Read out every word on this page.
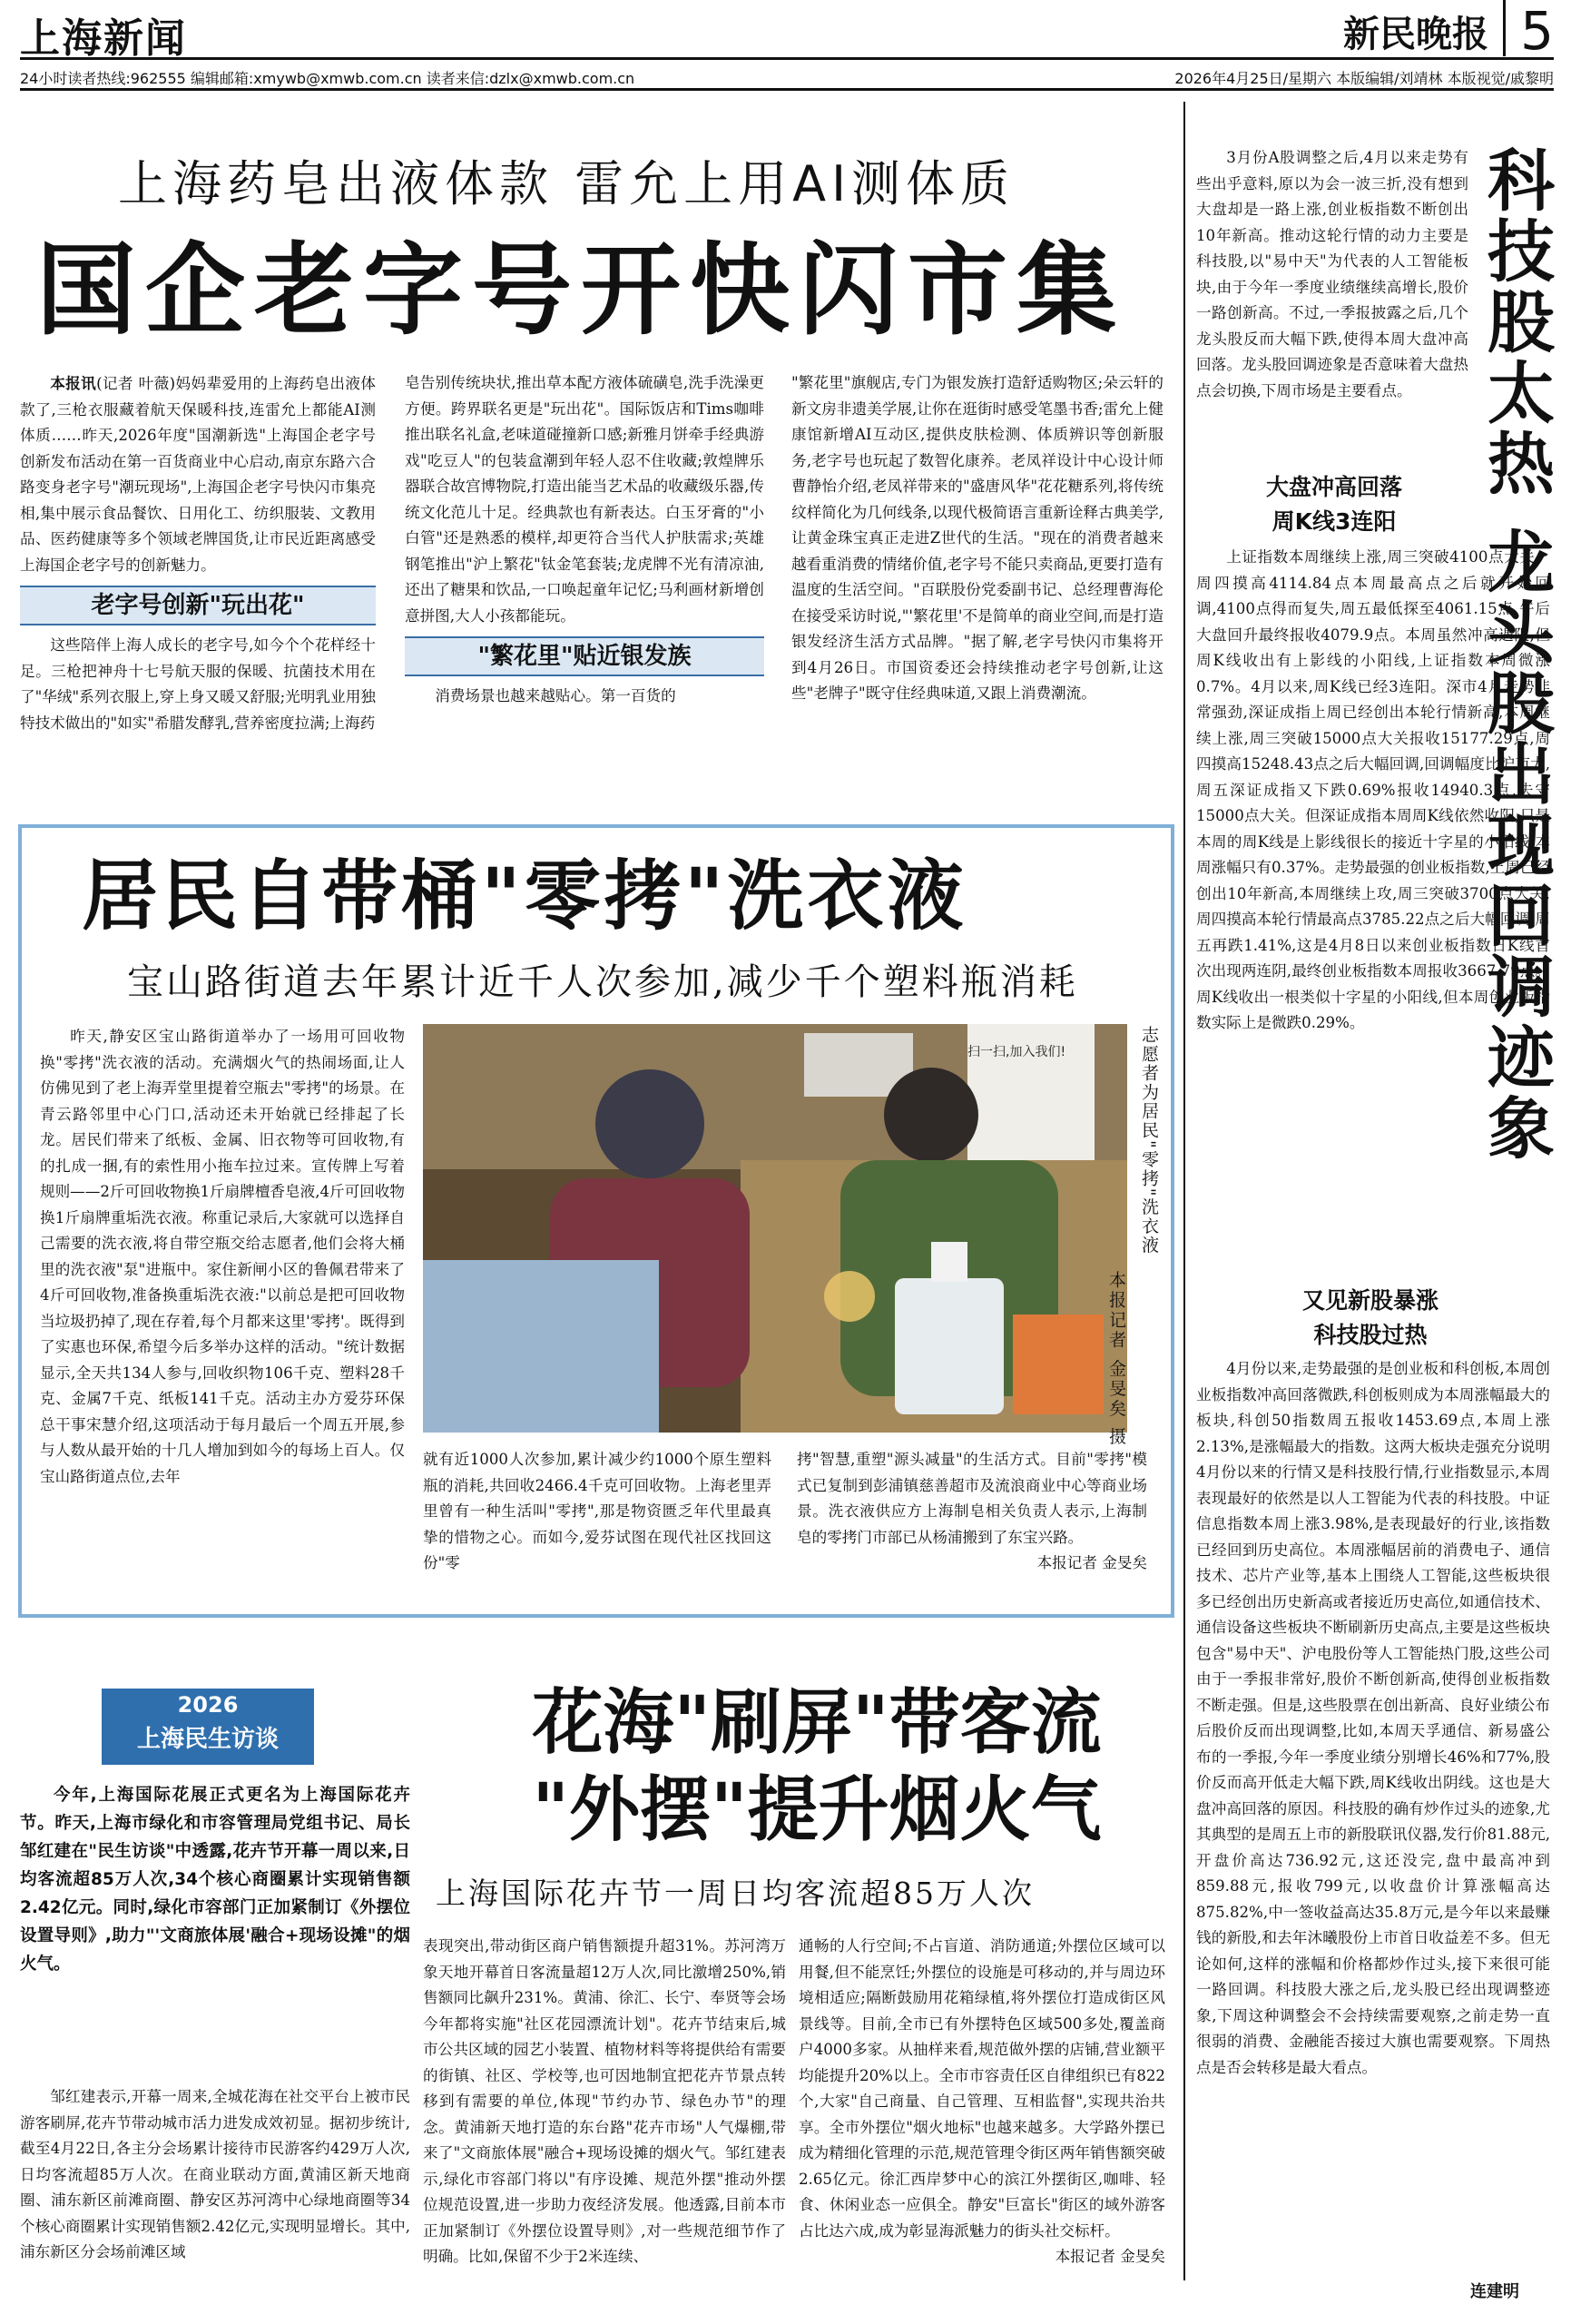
上海新闻	新民晚报 5
24小时读者热线:962555 编辑邮箱:xmywb@xmwb.com.cn 读者来信:dzlx@xmwb.com.cn	2026年4月25日/星期六 本版编辑/刘靖林 本版视觉/戚黎明
上海药皂出液体款 雷允上用AI测体质
国企老字号开快闪市集

本报讯(记者 叶薇)妈妈辈爱用的上海药皂出液体款了,三枪衣服藏着航天保暖科技,连雷允上都能AI测体质……昨天,2026年度"国潮新选"上海国企老字号创新发布活动在第一百货商业中心启动,南京东路六合路变身老字号"潮玩现场",上海国企老字号快闪市集亮相,集中展示食品餐饮、日用化工、纺织服装、文教用品、医药健康等多个领域老牌国货,让市民近距离感受上海国企老字号的创新魅力。

老字号创新"玩出花"

这些陪伴上海人成长的老字号,如今个个花样经十足。三枪把神舟十七号航天服的保暖、抗菌技术用在了"华绒"系列衣服上,穿上身又暖又舒服;光明乳业用独特技术做出的"如实"希腊发酵乳,营养密度拉满;上海药

皂告别传统块状,推出草本配方液体硫磺皂,洗手洗澡更方便。跨界联名更是"玩出花"。国际饭店和Tims咖啡推出联名礼盒,老味道碰撞新口感;新雅月饼牵手经典游戏"吃豆人"的包装盒潮到年轻人忍不住收藏;敦煌牌乐器联合故宫博物院,打造出能当艺术品的收藏级乐器,传统文化范儿十足。经典款也有新表达。白玉牙膏的"小白管"还是熟悉的模样,却更符合当代人护肤需求;英雄钢笔推出"沪上繁花"钛金笔套装;龙虎牌不光有清凉油,还出了糖果和饮品,一口唤起童年记忆;马利画材新增创意拼图,大人小孩都能玩。

"繁花里"贴近银发族

消费场景也越来越贴心。第一百货的

"繁花里"旗舰店,专门为银发族打造舒适购物区;朵云轩的新文房非遗美学展,让你在逛街时感受笔墨书香;雷允上健康馆新增AI互动区,提供皮肤检测、体质辨识等创新服务,老字号也玩起了数智化康养。老凤祥设计中心设计师曹静怡介绍,老凤祥带来的"盛唐风华"花花糖系列,将传统纹样简化为几何线条,以现代极简语言重新诠释古典美学,让黄金珠宝真正走进Z世代的生活。"现在的消费者越来越看重消费的情绪价值,老字号不能只卖商品,更要打造有温度的生活空间。"百联股份党委副书记、总经理曹海伦在接受采访时说,"'繁花里'不是简单的商业空间,而是打造银发经济生活方式品牌。"据了解,老字号快闪市集将开到4月26日。市国资委还会持续推动老字号创新,让这些"老牌子"既守住经典味道,又跟上消费潮流。

居民自带桶"零拷"洗衣液
宝山路街道去年累计近千人次参加,减少千个塑料瓶消耗

昨天,静安区宝山路街道举办了一场用可回收物换"零拷"洗衣液的活动。充满烟火气的热闹场面,让人仿佛见到了老上海弄堂里提着空瓶去"零拷"的场景。在青云路邻里中心门口,活动还未开始就已经排起了长龙。居民们带来了纸板、金属、旧衣物等可回收物,有的扎成一捆,有的索性用小拖车拉过来。宣传牌上写着规则——2斤可回收物换1斤扇牌檀香皂液,4斤可回收物换1斤扇牌重垢洗衣液。称重记录后,大家就可以选择自己需要的洗衣液,将自带空瓶交给志愿者,他们会将大桶里的洗衣液"泵"进瓶中。家住新闸小区的鲁佩君带来了4斤可回收物,准备换重垢洗衣液:"以前总是把可回收物当垃圾扔掉了,现在存着,每个月都来这里'零拷'。既得到了实惠也环保,希望今后多举办这样的活动。"统计数据显示,全天共134人参与,回收织物106千克、塑料28千克、金属7千克、纸板141千克。活动主办方爱芬环保总干事宋慧介绍,这项活动于每月最后一个周五开展,参与人数从最开始的十几人增加到如今的每场上百人。仅宝山路街道点位,去年

扫一扫,加入我们!	志愿者为居民"零拷"洗衣液
本报记者 金旻矣 摄

就有近1000人次参加,累计减少约1000个原生塑料瓶的消耗,共回收2466.4千克可回收物。上海老里弄里曾有一种生活叫"零拷",那是物资匮乏年代里最真挚的惜物之心。而如今,爱芬试图在现代社区找回这份"零

拷"智慧,重塑"源头减量"的生活方式。目前"零拷"模式已复制到彭浦镇慈善超市及流浪商业中心等商业场景。洗衣液供应方上海制皂相关负责人表示,上海制皂的零拷门市部已从杨浦搬到了东宝兴路。

本报记者 金旻矣

2026
上海民生访谈

今年,上海国际花展正式更名为上海国际花卉节。昨天,上海市绿化和市容管理局党组书记、局长邹红建在"民生访谈"中透露,花卉节开幕一周以来,日均客流超85万人次,34个核心商圈累计实现销售额2.42亿元。同时,绿化市容部门正加紧制订《外摆位设置导则》,助力"'文商旅体展'融合+现场设摊"的烟火气。

花海"刷屏"带客流
"外摆"提升烟火气
上海国际花卉节一周日均客流超85万人次

邹红建表示,开幕一周来,全城花海在社交平台上被市民游客刷屏,花卉节带动城市活力进发成效初显。据初步统计,截至4月22日,各主分会场累计接待市民游客约429万人次,日均客流超85万人次。在商业联动方面,黄浦区新天地商圈、浦东新区前滩商圈、静安区苏河湾中心绿地商圈等34个核心商圈累计实现销售额2.42亿元,实现明显增长。其中,浦东新区分会场前滩区域

表现突出,带动街区商户销售额提升超31%。苏河湾万象天地开幕首日客流量超12万人次,同比激增250%,销售额同比飙升231%。黄浦、徐汇、长宁、奉贤等会场今年都将实施"社区花园漂流计划"。花卉节结束后,城市公共区域的园艺小装置、植物材料等将提供给有需要的街镇、社区、学校等,也可因地制宜把花卉节景点转移到有需要的单位,体现"节约办节、绿色办节"的理念。黄浦新天地打造的东台路"花卉市场"人气爆棚,带来了"文商旅体展"融合+现场设摊的烟火气。邹红建表示,绿化市容部门将以"有序设摊、规范外摆"推动外摆位规范设置,进一步助力夜经济发展。他透露,目前本市正加紧制订《外摆位设置导则》,对一些规范细节作了明确。比如,保留不少于2米连续、

通畅的人行空间;不占盲道、消防通道;外摆位区域可以用餐,但不能烹饪;外摆位的设施是可移动的,并与周边环境相适应;隔断鼓励用花箱绿植,将外摆位打造成街区风景线等。目前,全市已有外摆特色区域500多处,覆盖商户4000多家。从抽样来看,规范做外摆的店铺,营业额平均能提升20%以上。全市市容责任区自律组织已有822个,大家"自己商量、自己管理、互相监督",实现共治共享。全市外摆位"烟火地标"也越来越多。大学路外摆已成为精细化管理的示范,规范管理令街区两年销售额突破2.65亿元。徐汇西岸梦中心的滨江外摆街区,咖啡、轻食、休闲业态一应俱全。静安"巨富长"街区的域外游客占比达六成,成为彰显海派魅力的街头社交标杆。

本报记者 金旻矣

科技股太热 龙头股出现回调迹象

3月份A股调整之后,4月以来走势有些出乎意料,原以为会一波三折,没有想到大盘却是一路上涨,创业板指数不断创出10年新高。推动这轮行情的动力主要是科技股,以"易中天"为代表的人工智能板块,由于今年一季度业绩继续高增长,股价一路创新高。不过,一季报披露之后,几个龙头股反而大幅下跌,使得本周大盘冲高回落。龙头股回调迹象是否意味着大盘热点会切换,下周市场是主要看点。

大盘冲高回落
周K线3连阳

上证指数本周继续上涨,周三突破4100点大关。周四摸高4114.84点本周最高点之后就开始回调,4100点得而复失,周五最低探至4061.15点,午后大盘回升最终报收4079.9点。本周虽然冲高遇阻,但周K线收出有上影线的小阳线,上证指数本周微涨0.7%。4月以来,周K线已经3连阳。深市4月走势非常强劲,深证成指上周已经创出本轮行情新高,本周继续上涨,周三突破15000点大关报收15177.29点,周四摸高15248.43点之后大幅回调,回调幅度比沪市大,周五深证成指又下跌0.69%报收14940.3点,失守15000点大关。但深证成指本周周K线依然收阳,只是本周的周K线是上影线很长的接近十字星的小阳线,本周涨幅只有0.37%。走势最强的创业板指数,上周已经创出10年新高,本周继续上攻,周三突破3700点大关,周四摸高本轮行情最高点3785.22点之后大幅回调,周五再跌1.41%,这是4月8日以来创业板指数日K线首次出现两连阴,最终创业板指数本周报收3667.79点。周K线收出一根类似十字星的小阳线,但本周创业板指数实际上是微跌0.29%。

又见新股暴涨
科技股过热

4月份以来,走势最强的是创业板和科创板,本周创业板指数冲高回落微跌,科创板则成为本周涨幅最大的板块,科创50指数周五报收1453.69点,本周上涨2.13%,是涨幅最大的指数。这两大板块走强充分说明4月份以来的行情又是科技股行情,行业指数显示,本周表现最好的依然是以人工智能为代表的科技股。中证信息指数本周上涨3.98%,是表现最好的行业,该指数已经回到历史高位。本周涨幅居前的消费电子、通信技术、芯片产业等,基本上围绕人工智能,这些板块很多已经创出历史新高或者接近历史高位,如通信技术、通信设备这些板块不断刷新历史高点,主要是这些板块包含"易中天"、沪电股份等人工智能热门股,这些公司由于一季报非常好,股价不断创新高,使得创业板指数不断走强。但是,这些股票在创出新高、良好业绩公布后股价反而出现调整,比如,本周天孚通信、新易盛公布的一季报,今年一季度业绩分别增长46%和77%,股价反而高开低走大幅下跌,周K线收出阴线。这也是大盘冲高回落的原因。科技股的确有炒作过头的迹象,尤其典型的是周五上市的新股联讯仪器,发行价81.88元,开盘价高达736.92元,这还没完,盘中最高冲到859.88元,报收799元,以收盘价计算涨幅高达875.82%,中一签收益高达35.8万元,是今年以来最赚钱的新股,和去年沐曦股份上市首日收益差不多。但无论如何,这样的涨幅和价格都炒作过头,接下来很可能一路回调。科技股大涨之后,龙头股已经出现调整迹象,下周这种调整会不会持续需要观察,之前走势一直很弱的消费、金融能否接过大旗也需要观察。下周热点是否会转移是最大看点。

连建明
